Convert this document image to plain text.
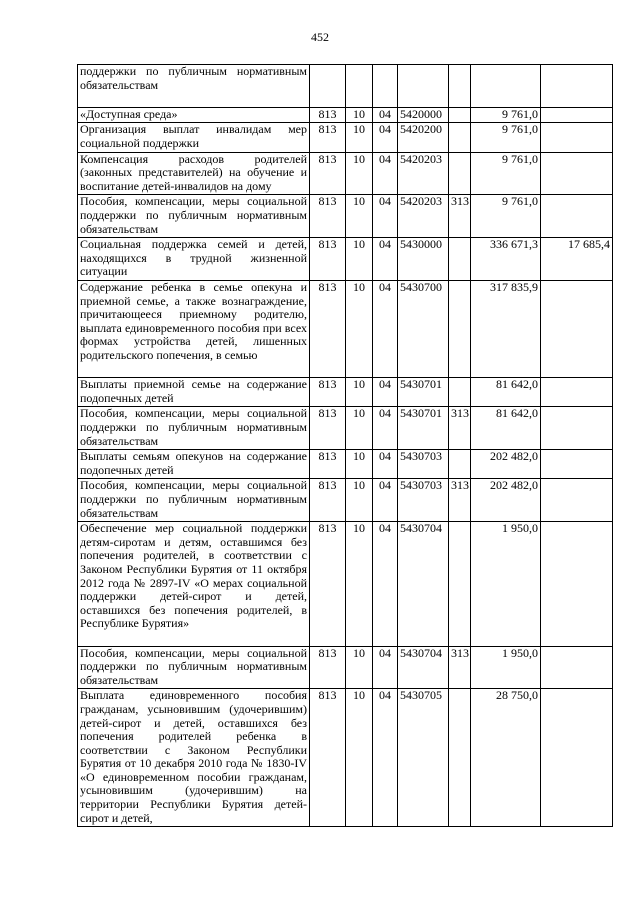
452
поддержки по публичным нормативным обязательствам							
«Доступная среда»	813	10	04	5420000		9 761,0	
Организация выплат инвалидам мер социальной поддержки	813	10	04	5420200		9 761,0	
Компенсация расходов родителей (законных представителей) на обучение и воспитание детей-инвалидов на дому	813	10	04	5420203		9 761,0	
Пособия, компенсации, меры социальной поддержки по публичным нормативным обязательствам	813	10	04	5420203	313	9 761,0	
Социальная поддержка семей и детей, находящихся в трудной жизненной ситуации	813	10	04	5430000		336 671,3	17 685,4
Содержание ребенка в семье опекуна и приемной семье, а также вознаграждение, причитающееся приемному родителю, выплата единовременного пособия при всех формах устройства детей, лишенных родительского попечения, в семью	813	10	04	5430700		317 835,9	
Выплаты приемной семье на содержание подопечных детей	813	10	04	5430701		81 642,0	
Пособия, компенсации, меры социальной поддержки по публичным нормативным обязательствам	813	10	04	5430701	313	81 642,0	
Выплаты семьям опекунов на содержание подопечных детей	813	10	04	5430703		202 482,0	
Пособия, компенсации, меры социальной поддержки по публичным нормативным обязательствам	813	10	04	5430703	313	202 482,0	
Обеспечение мер социальной поддержки детям-сиротам и детям, оставшимся без попечения родителей, в соответствии с Законом Республики Бурятия от 11 октября 2012 года № 2897-IV «О мерах социальной поддержки детей-сирот и детей, оставшихся без попечения родителей, в Республике Бурятия»	813	10	04	5430704		1 950,0	
Пособия, компенсации, меры социальной поддержки по публичным нормативным обязательствам	813	10	04	5430704	313	1 950,0	
Выплата единовременного пособия гражданам, усыновившим (удочерившим) детей-сирот и детей, оставшихся без попечения родителей ребенка в соответствии с Законом Республики Бурятия от 10 декабря 2010 года № 1830-IV «О единовременном пособии гражданам, усыновившим (удочерившим) на территории Республики Бурятия детей-сирот и детей,	813	10	04	5430705		28 750,0	
